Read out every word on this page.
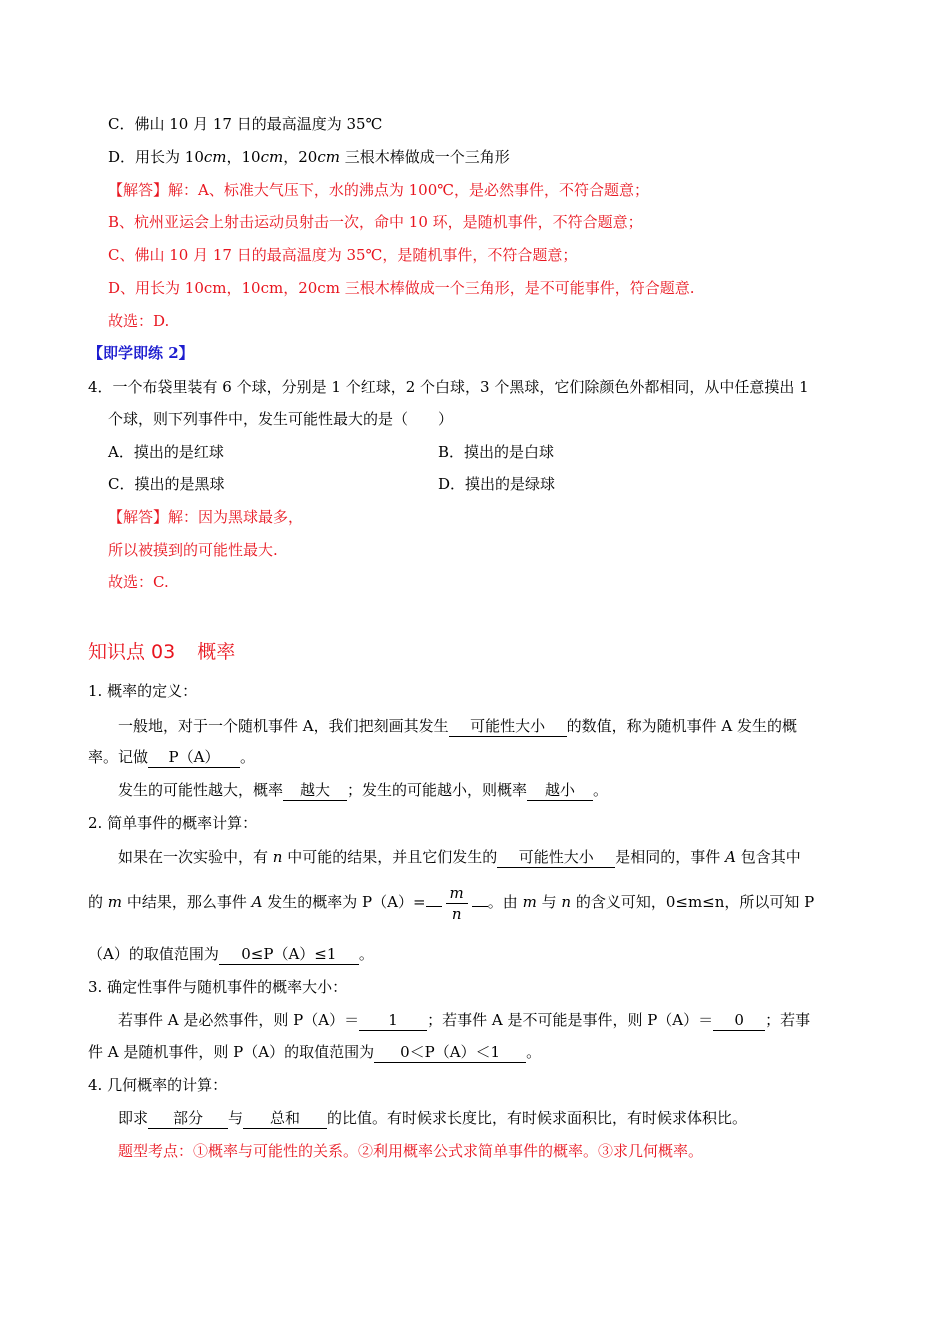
C．佛山 10 月 17 日的最高温度为 35℃
D．用长为 10cm，10cm，20cm 三根木棒做成一个三角形
【解答】解：A、标准大气压下，水的沸点为 100℃，是必然事件，不符合题意；
B、杭州亚运会上射击运动员射击一次，命中 10 环，是随机事件，不符合题意；
C、佛山 10 月 17 日的最高温度为 35℃，是随机事件，不符合题意；
D、用长为 10cm，10cm，20cm 三根木棒做成一个三角形，是不可能事件，符合题意.
故选：D.
【即学即练 2】
4．一个布袋里装有 6 个球，分别是 1 个红球，2 个白球，3 个黑球，它们除颜色外都相同，从中任意摸出 1
个球，则下列事件中，发生可能性最大的是（　　）
A．摸出的是红球	B．摸出的是白球
C．摸出的是黑球	D．摸出的是绿球
【解答】解：因为黑球最多，
所以被摸到的可能性最大.
故选：C.
知识点 03 概率
1. 概率的定义：
一般地，对于一个随机事件 A，我们把刻画其发生 可能性大小 的数值，称为随机事件 A 发生的概
率。记做 P（A） 。
发生的可能性越大，概率 越大 ；发生的可能越小，则概率 越小 。
2. 简单事件的概率计算：
如果在一次实验中，有 n 中可能的结果，并且它们发生的 可能性大小 是相同的，事件 A 包含其中
的 m 中结果，那么事件 A 发生的概率为 $P(A)= \frac{m}{n}$ 。由 m 与 n 的含义可知，0≤m≤n，所以可知 P
（A）的取值范围为 0≤P（A）≤1 。
3. 确定性事件与随机事件的概率大小：
若事件 A 是必然事件，则 P（A）＝ 1 ；若事件 A 是不可能是事件，则 P（A）＝ 0 ；若事
件 A 是随机事件，则 P（A）的取值范围为 0＜P（A）＜1 。
4. 几何概率的计算：
即求 部分 与 总和 的比值。有时候求长度比，有时候求面积比，有时候求体积比。
题型考点：①概率与可能性的关系。②利用概率公式求简单事件的概率。③求几何概率。
